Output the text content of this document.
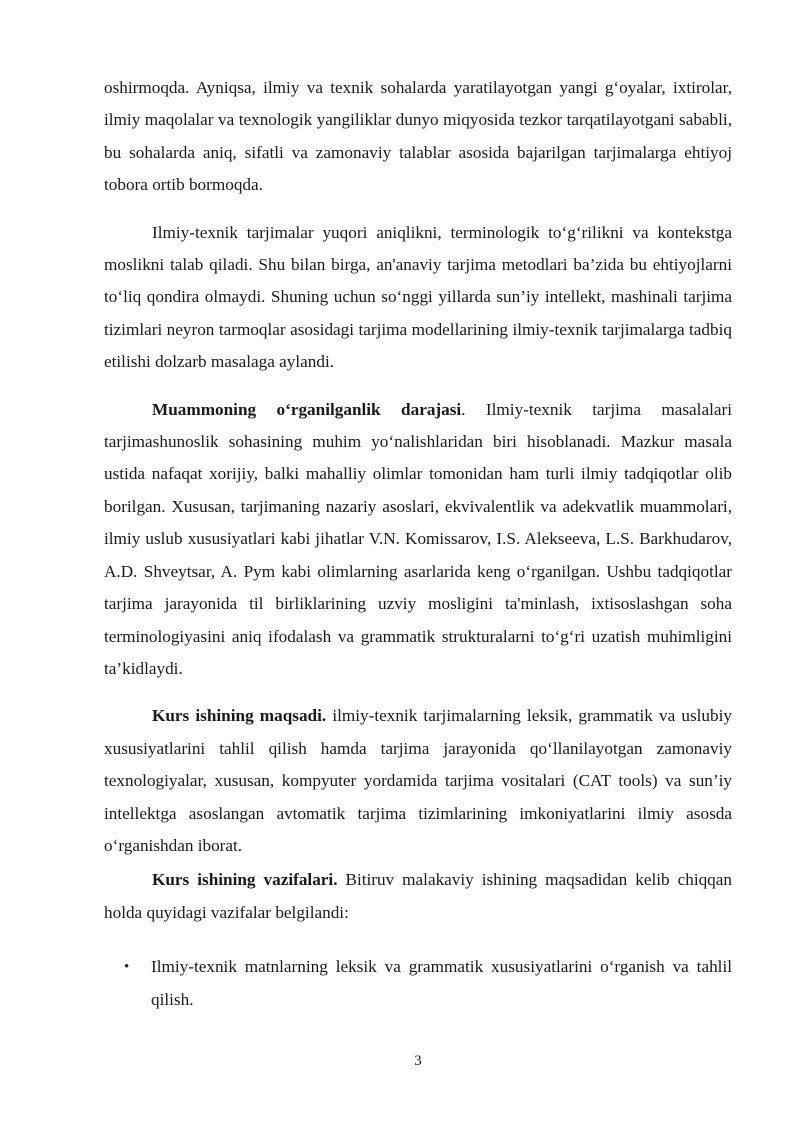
oshirmoqda. Ayniqsa, ilmiy va texnik sohalarda yaratilayotgan yangi g‘oyalar, ixtirolar, ilmiy maqolalar va texnologik yangiliklar dunyo miqyosida tezkor tarqatilayotgani sababli, bu sohalarda aniq, sifatli va zamonaviy talablar asosida bajarilgan tarjimalarga ehtiyoj tobora ortib bormoqda.

Ilmiy-texnik tarjimalar yuqori aniqlikni, terminologik to‘g‘rilikni va kontekstga moslikni talab qiladi. Shu bilan birga, an'anaviy tarjima metodlari ba’zida bu ehtiyojlarni to‘liq qondira olmaydi. Shuning uchun so‘nggi yillarda sun’iy intellekt, mashinali tarjima tizimlari neyron tarmoqlar asosidagi tarjima modellarining ilmiy-texnik tarjimalarga tadbiq etilishi dolzarb masalaga aylandi.

Muammoning o‘rganilganlik darajasi. Ilmiy-texnik tarjima masalalari tarjimashunoslik sohasining muhim yo‘nalishlaridan biri hisoblanadi. Mazkur masala ustida nafaqat xorijiy, balki mahalliy olimlar tomonidan ham turli ilmiy tadqiqotlar olib borilgan. Xususan, tarjimaning nazariy asoslari, ekvivalentlik va adekvatlik muammolari, ilmiy uslub xususiyatlari kabi jihatlar V.N. Komissarov, I.S. Alekseeva, L.S. Barkhudarov, A.D. Shveytsar, A. Pym kabi olimlarning asarlarida keng o‘rganilgan. Ushbu tadqiqotlar tarjima jarayonida til birliklarining uzviy mosligini ta'minlash, ixtisoslashgan soha terminologiyasini aniq ifodalash va grammatik strukturalarni to‘g‘ri uzatish muhimligini ta’kidlaydi.

Kurs ishining maqsadi. ilmiy-texnik tarjimalarning leksik, grammatik va uslubiy xususiyatlarini tahlil qilish hamda tarjima jarayonida qo‘llanilayotgan zamonaviy texnologiyalar, xususan, kompyuter yordamida tarjima vositalari (CAT tools) va sun’iy intellektga asoslangan avtomatik tarjima tizimlarining imkoniyatlarini ilmiy asosda o‘rganishdan iborat.

Kurs ishining vazifalari. Bitiruv malakaviy ishining maqsadidan kelib chiqqan holda quyidagi vazifalar belgilandi:

• Ilmiy-texnik matnlarning leksik va grammatik xususiyatlarini o‘rganish va tahlil qilish.
3
